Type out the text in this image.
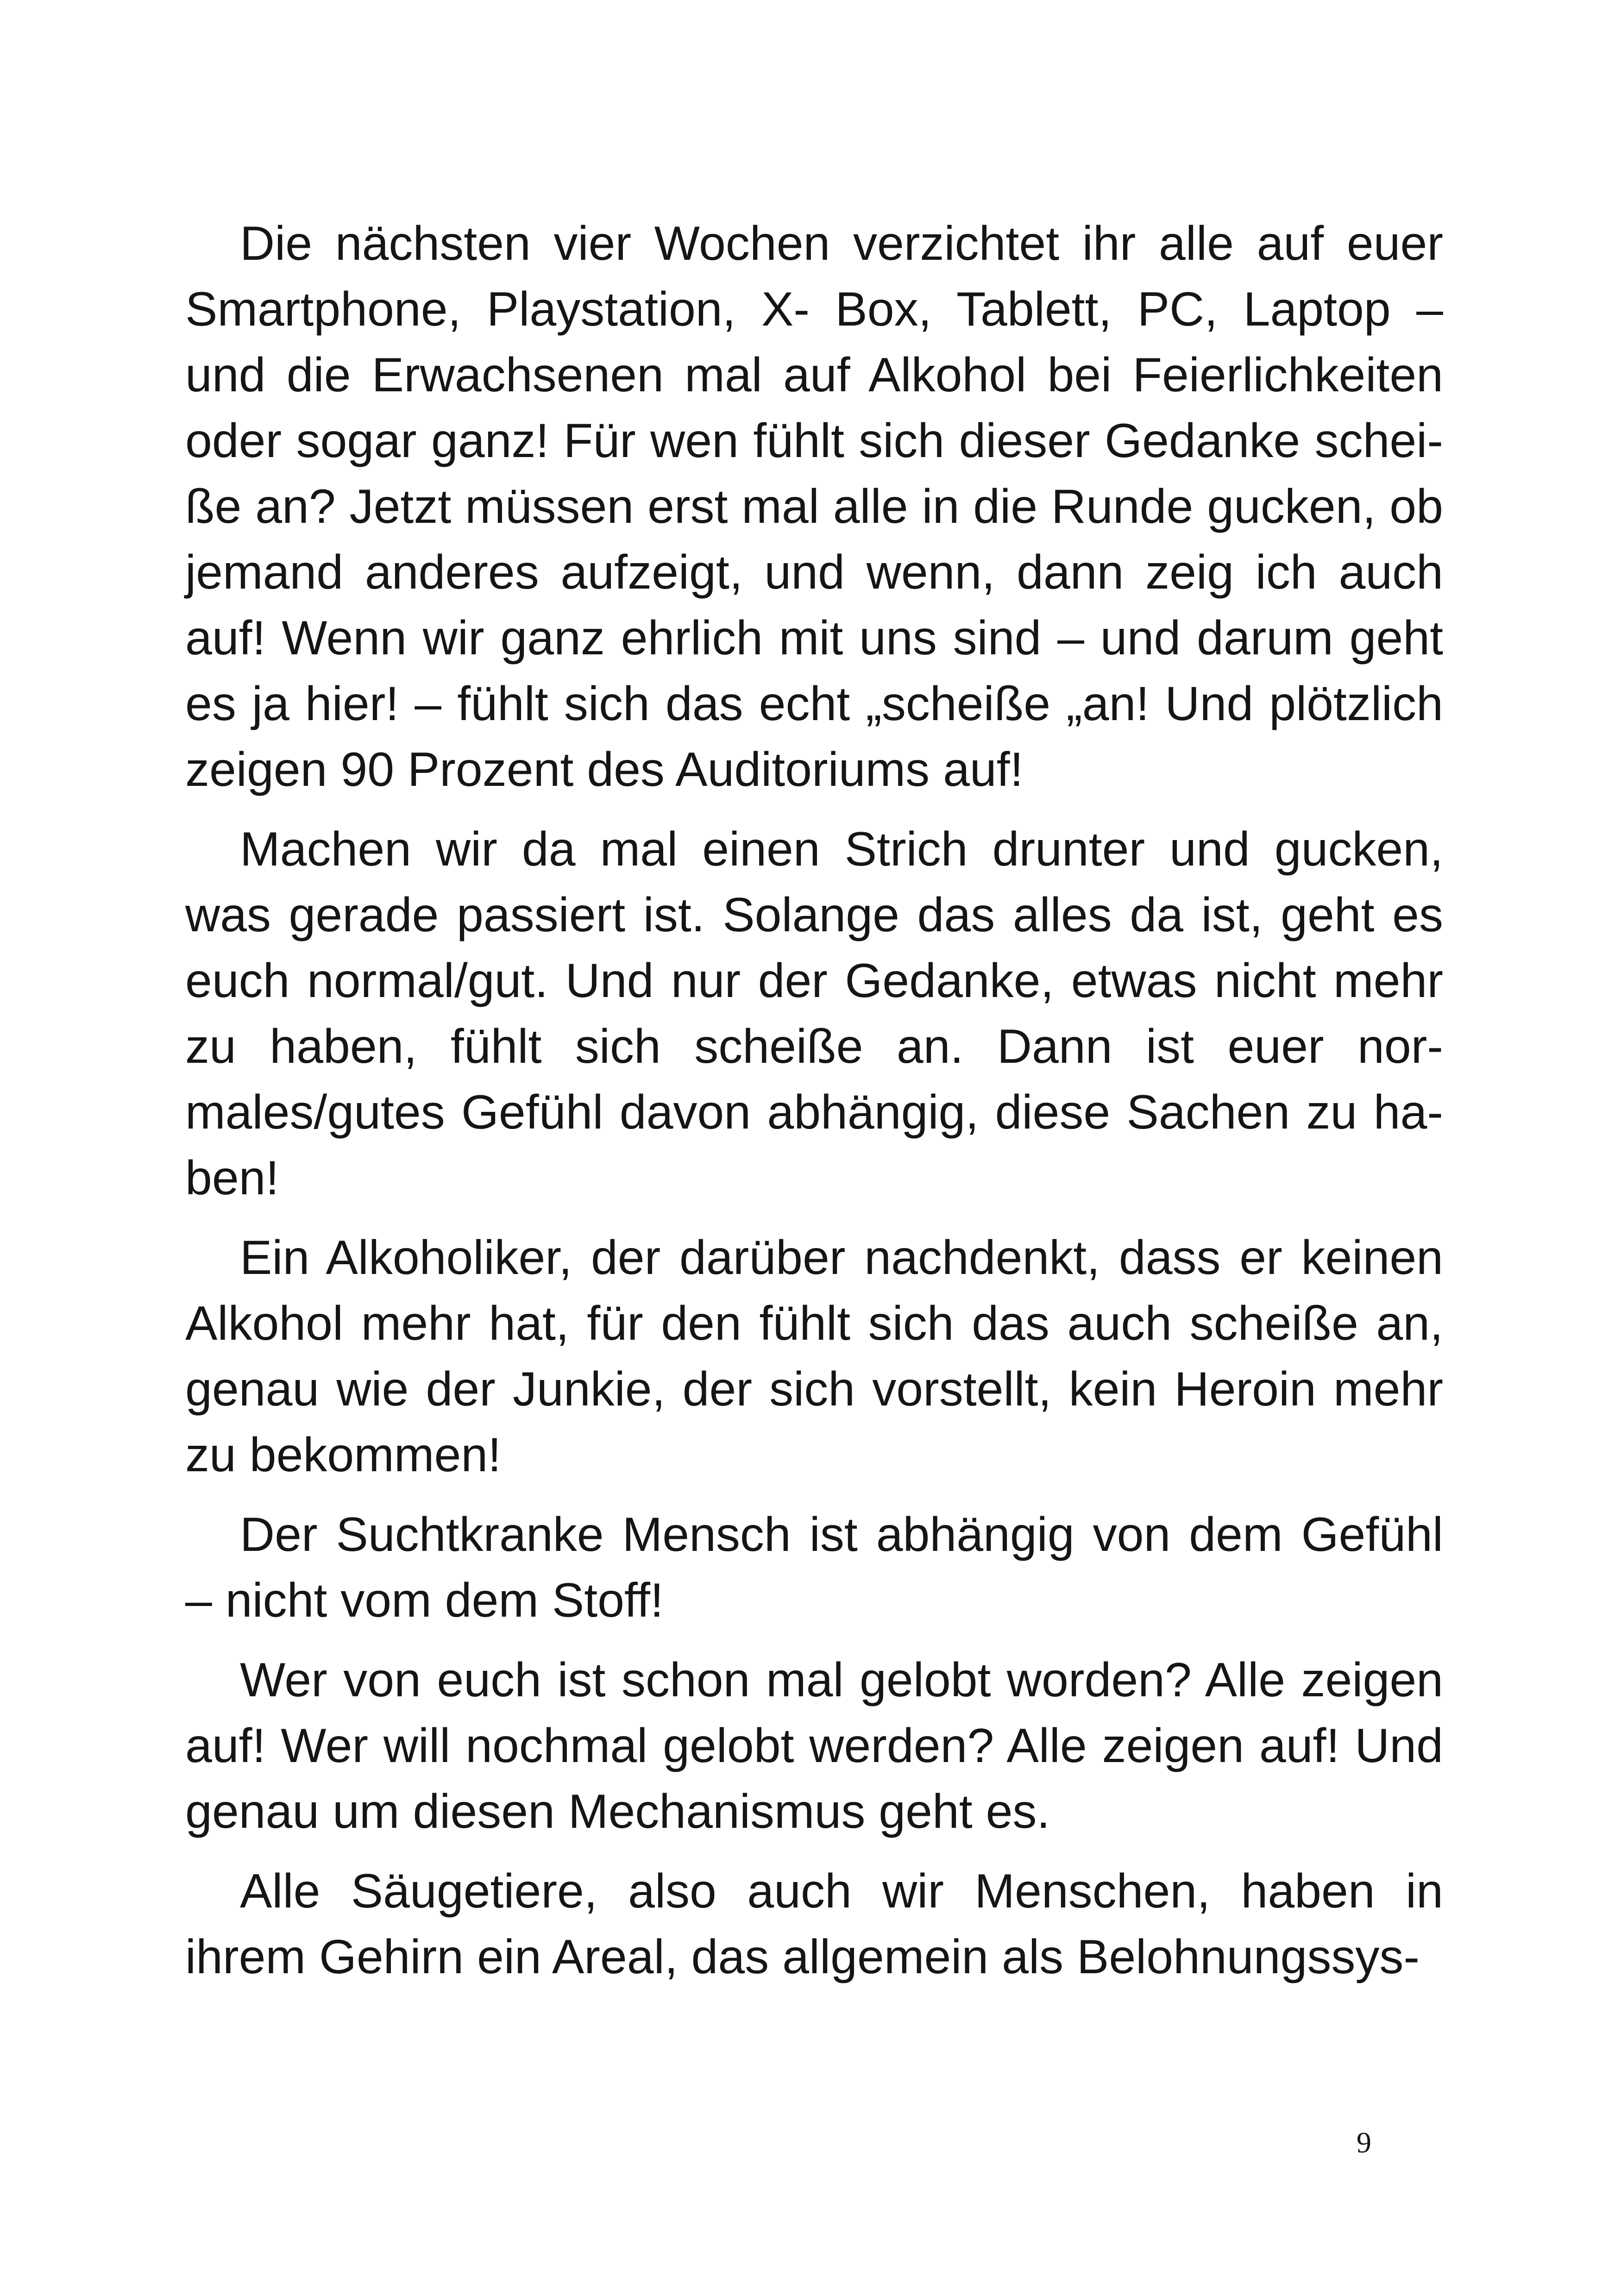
Die nächsten vier Wochen verzichtet ihr alle auf euer Smartphone, Playstation, X- Box, Tablett, PC, Laptop – und die Erwachsenen mal auf Alkohol bei Feierlichkeiten oder sogar ganz! Für wen fühlt sich dieser Gedanke schei-ße an? Jetzt müssen erst mal alle in die Runde gucken, ob jemand anderes aufzeigt, und wenn, dann zeig ich auch auf! Wenn wir ganz ehrlich mit uns sind – und darum geht es ja hier! – fühlt sich das echt „scheiße „an! Und plötzlich zeigen 90 Prozent des Auditoriums auf!

Machen wir da mal einen Strich drunter und gucken, was gerade passiert ist. Solange das alles da ist, geht es euch normal/gut. Und nur der Gedanke, etwas nicht mehr zu haben, fühlt sich scheiße an. Dann ist euer nor-males/gutes Gefühl davon abhängig, diese Sachen zu ha-ben!

Ein Alkoholiker, der darüber nachdenkt, dass er keinen Alkohol mehr hat, für den fühlt sich das auch scheiße an, genau wie der Junkie, der sich vorstellt, kein Heroin mehr zu bekommen!

Der Suchtkranke Mensch ist abhängig von dem Gefühl – nicht vom dem Stoff!

Wer von euch ist schon mal gelobt worden? Alle zeigen auf! Wer will nochmal gelobt werden? Alle zeigen auf! Und genau um diesen Mechanismus geht es.

Alle Säugetiere, also auch wir Menschen, haben in ihrem Gehirn ein Areal, das allgemein als Belohnungssys-

9
